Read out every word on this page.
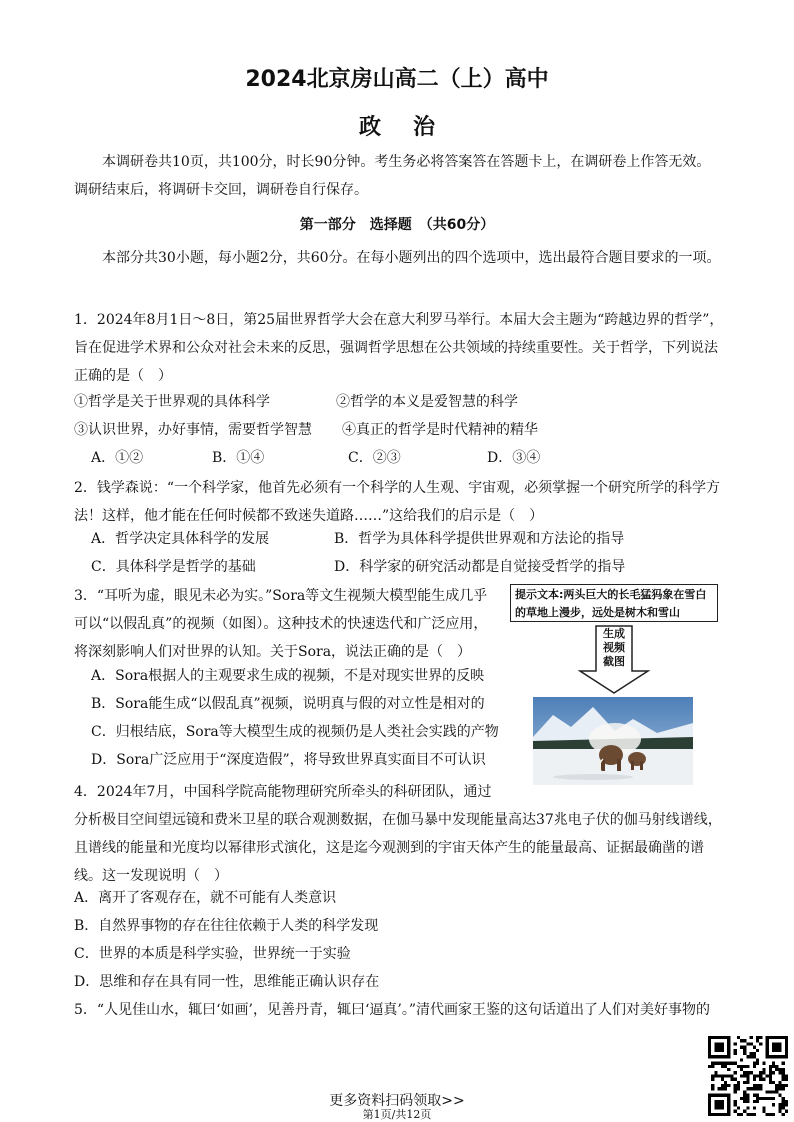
2024北京房山高二（上）高中
政治
本调研卷共10页，共100分，时长90分钟。考生务必将答案答在答题卡上，在调研卷上作答无效。调研结束后，将调研卡交回，调研卷自行保存。
第一部分　选择题　（共60分）
本部分共30小题，每小题2分，共60分。在每小题列出的四个选项中，选出最符合题目要求的一项。
1．2024年8月1日～8日，第25届世界哲学大会在意大利罗马举行。本届大会主题为“跨越边界的哲学”，旨在促进学术界和公众对社会未来的反思，强调哲学思想在公共领域的持续重要性。关于哲学，下列说法正确的是（　）
①哲学是关于世界观的具体科学	②哲学的本义是爱智慧的科学
③认识世界，办好事情，需要哲学智慧 ④真正的哲学是时代精神的精华
A．①②	B．①④	C．②③	D．③④
2．钱学森说：“一个科学家，他首先必须有一个科学的人生观、宇宙观，必须掌握一个研究所学的科学方法！这样，他才能在任何时候都不致迷失道路……”这给我们的启示是（　）
A．哲学决定具体科学的发展	B．哲学为具体科学提供世界观和方法论的指导
C．具体科学是哲学的基础	D．科学家的研究活动都是自觉接受哲学的指导
3．“耳听为虚，眼见未必为实。”Sora等文生视频大模型能生成几乎可以“以假乱真”的视频（如图）。这种技术的快速迭代和广泛应用，将深刻影响人们对世界的认知。关于Sora，说法正确的是（　）
A．Sora根据人的主观要求生成的视频，不是对现实世界的反映
B．Sora能生成“以假乱真”视频，说明真与假的对立性是相对的
C．归根结底，Sora等大模型生成的视频仍是人类社会实践的产物
D．Sora广泛应用于“深度造假”，将导致世界真实面目不可认识
提示文本:两头巨大的长毛猛犸象在雪白的草地上漫步，远处是树木和雪山
生成视频截图
4．2024年7月，中国科学院高能物理研究所牵头的科研团队，通过
分析极目空间望远镜和费米卫星的联合观测数据，在伽马暴中发现能量高达37兆电子伏的伽马射线谱线，且谱线的能量和光度均以幂律形式演化，这是迄今观测到的宇宙天体产生的能量最高、证据最确凿的谱线。这一发现说明（　）
A．离开了客观存在，就不可能有人类意识
B．自然界事物的存在往往依赖于人类的科学发现
C．世界的本质是科学实验，世界统一于实验
D．思维和存在具有同一性，思维能正确认识存在
5．“人见佳山水，辄曰‘如画’，见善丹青，辄曰‘逼真’。”清代画家王鉴的这句话道出了人们对美好事物的
更多资料扫码领取>>
第1页/共12页
